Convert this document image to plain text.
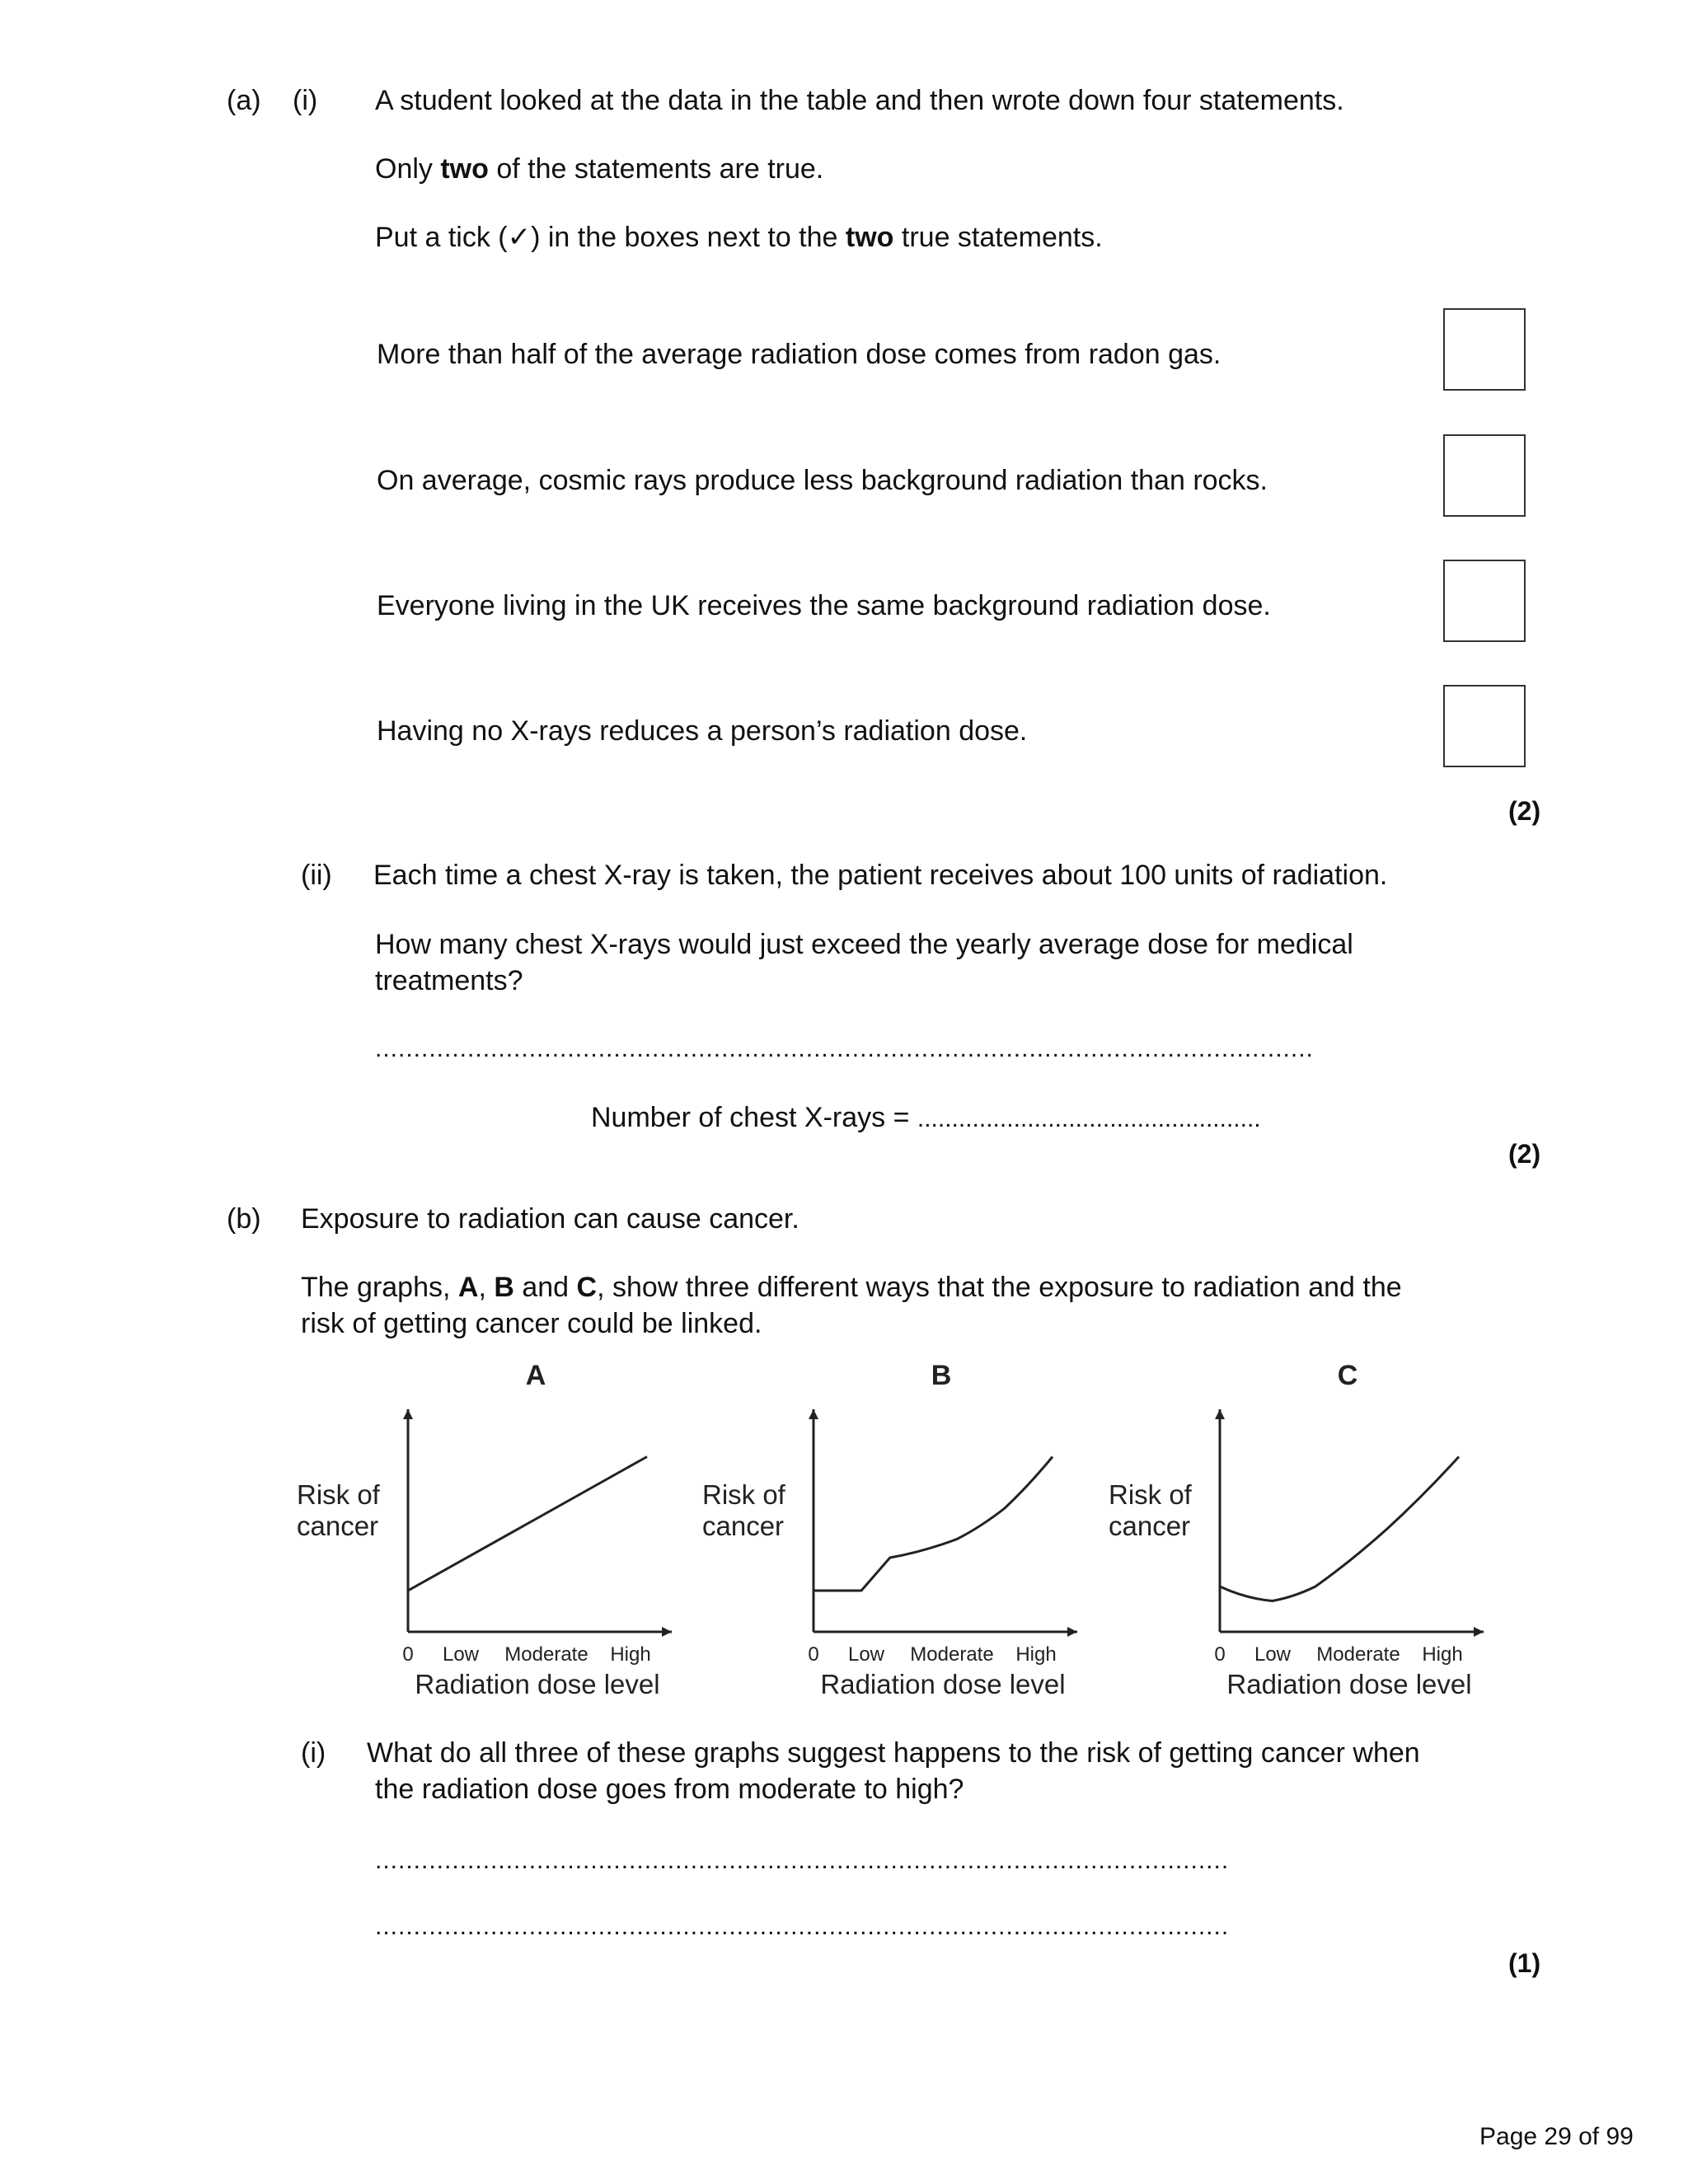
(a) (i) A student looked at the data in the table and then wrote down four statements.
Only two of the statements are true.
Put a tick (✓) in the boxes next to the two true statements.
More than half of the average radiation dose comes from radon gas.
On average, cosmic rays produce less background radiation than rocks.
Everyone living in the UK receives the same background radiation dose.
Having no X-rays reduces a person’s radiation dose.
(2)
(ii) Each time a chest X-ray is taken, the patient receives about 100 units of radiation.
How many chest X-rays would just exceed the yearly average dose for medical
treatments?
..........................................................................................................................
Number of chest X-rays = ..................................................
(2)
(b) Exposure to radiation can cause cancer.
The graphs, A, B and C, show three different ways that the exposure to radiation and the
risk of getting cancer could be linked.
A
Risk of
cancer
0 Low Moderate High
Radiation dose level
B
Risk of
cancer
0 Low Moderate High
Radiation dose level
C
Risk of
cancer
0 Low Moderate High
Radiation dose level
(i) What do all three of these graphs suggest happens to the risk of getting cancer when
the radiation dose goes from moderate to high?
...............................................................................................................
...............................................................................................................
(1)
Page 29 of 99
